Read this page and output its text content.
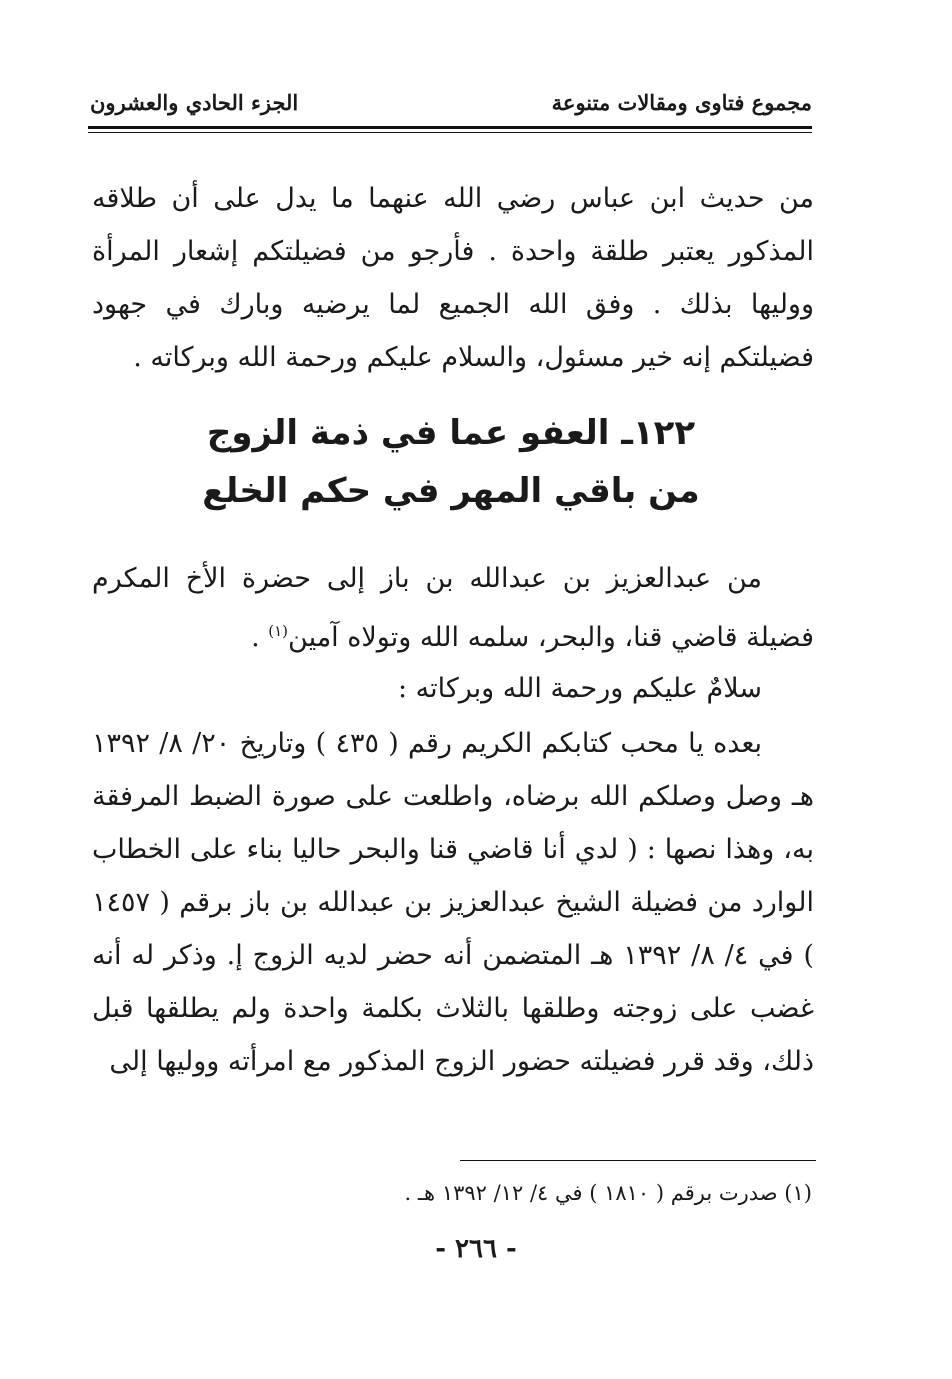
مجموع فتاوى ومقالات متنوعة
الجزء الحادي والعشرون
من حديث ابن عباس رضي الله عنهما ما يدل على أن طلاقه المذكور يعتبر طلقة واحدة . فأرجو من فضيلتكم إشعار المرأة ووليها بذلك . وفق الله الجميع لما يرضيه وبارك في جهود فضيلتكم إنه خير مسئول، والسلام عليكم ورحمة الله وبركاته .
١٢٢ـ العفو عما في ذمة الزوج
من باقي المهر في حكم الخلع
من عبدالعزيز بن عبدالله بن باز إلى حضرة الأخ المكرم فضيلة قاضي قنا، والبحر، سلمه الله وتولاه آمين$^{(١)}$ .
سلامٌ عليكم ورحمة الله وبركاته :
بعده يا محب كتابكم الكريم رقم ( ٤٣٥ ) وتاريخ ٢٠/ ٨/ ١٣٩٢ هـ وصل وصلكم الله برضاه، واطلعت على صورة الضبط المرفقة به، وهذا نصها : ( لدي أنا قاضي قنا والبحر حاليا بناء على الخطاب الوارد من فضيلة الشيخ عبدالعزيز بن عبدالله بن باز برقم ( ١٤٥٧ ) في ٤/ ٨/ ١٣٩٢ هـ المتضمن أنه حضر لديه الزوج إ. وذكر له أنه غضب على زوجته وطلقها بالثلاث بكلمة واحدة ولم يطلقها قبل ذلك، وقد قرر فضيلته حضور الزوج المذكور مع امرأته ووليها إلى
(١) صدرت برقم ( ١٨١٠ ) في ٤/ ١٢/ ١٣٩٢ هـ .
- ٢٦٦ -
